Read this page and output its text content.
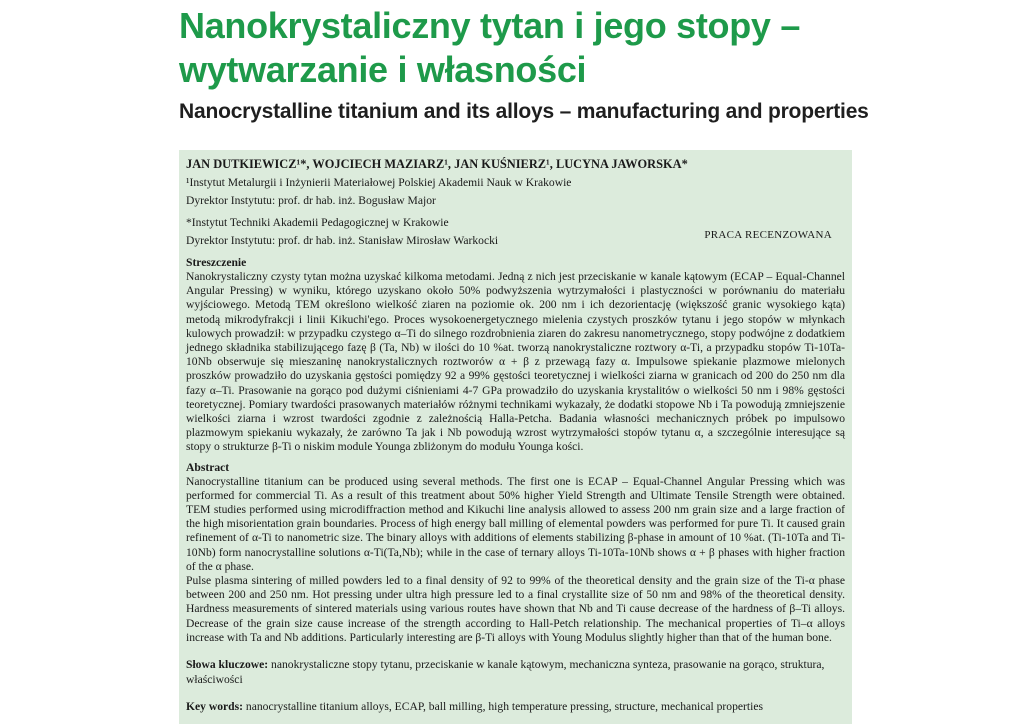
Nanokrystaliczny tytan i jego stopy – wytwarzanie i własności
Nanocrystalline titanium and its alloys – manufacturing and properties

JAN DUTKIEWICZ¹*, WOJCIECH MAZIARZ¹, JAN KUŚNIERZ¹, LUCYNA JAWORSKA*

¹Instytut Metalurgii i Inżynierii Materiałowej Polskiej Akademii Nauk w Krakowie

Dyrektor Instytutu: prof. dr hab. inż. Bogusław Major

*Instytut Techniki Akademii Pedagogicznej w Krakowie

Dyrektor Instytutu: prof. dr hab. inż. Stanisław Mirosław Warkocki	PRACA RECENZOWANA

Streszczenie

Nanokrystaliczny czysty tytan można uzyskać kilkoma metodami. Jedną z nich jest przeciskanie w kanale kątowym (ECAP – Equal-Channel Angular Pressing) w wyniku, którego uzyskano około 50% podwyższenia wytrzymałości i plastyczności w porównaniu do materiału wyjściowego. Metodą TEM określono wielkość ziaren na poziomie ok. 200 nm i ich dezorientację (większość granic wysokiego kąta) metodą mikrodyfrakcji i linii Kikuchi'ego. Proces wysokoenergetycznego mielenia czystych proszków tytanu i jego stopów w młynkach kulowych prowadził: w przypadku czystego α–Ti do silnego rozdrobnienia ziaren do zakresu nanometrycznego, stopy podwójne z dodatkiem jednego składnika stabilizującego fazę β (Ta, Nb) w ilości do 10 %at. tworzą nanokrystaliczne roztwory α-Ti, a przypadku stopów Ti-10Ta-10Nb obserwuje się mieszaninę nanokrystalicznych roztworów α + β z przewagą fazy α. Impulsowe spiekanie plazmowe mielonych proszków prowadziło do uzyskania gęstości pomiędzy 92 a 99% gęstości teoretycznej i wielkości ziarna w granicach od 200 do 250 nm dla fazy α–Ti. Prasowanie na gorąco pod dużymi ciśnieniami 4-7 GPa prowadziło do uzyskania krystalitów o wielkości 50 nm i 98% gęstości teoretycznej. Pomiary twardości prasowanych materiałów różnymi technikami wykazały, że dodatki stopowe Nb i Ta powodują zmniejszenie wielkości ziarna i wzrost twardości zgodnie z zależnością Halla-Petcha. Badania własności mechanicznych próbek po impulsowo plazmowym spiekaniu wykazały, że zarówno Ta jak i Nb powodują wzrost wytrzymałości stopów tytanu α, a szczególnie interesujące są stopy o strukturze β-Ti o niskim module Younga zbliżonym do modułu Younga kości.

Abstract

Nanocrystalline titanium can be produced using several methods. The first one is ECAP – Equal-Channel Angular Pressing which was performed for commercial Ti. As a result of this treatment about 50% higher Yield Strength and Ultimate Tensile Strength were obtained. TEM studies performed using microdiffraction method and Kikuchi line analysis allowed to assess 200 nm grain size and a large fraction of the high misorientation grain boundaries. Process of high energy ball milling of elemental powders was performed for pure Ti. It caused grain refinement of α-Ti to nanometric size. The binary alloys with additions of elements stabilizing β-phase in amount of 10 %at. (Ti-10Ta and Ti-10Nb) form nanocrystalline solutions α-Ti(Ta,Nb); while in the case of ternary alloys Ti-10Ta-10Nb shows α + β phases with higher fraction of the α phase.

Pulse plasma sintering of milled powders led to a final density of 92 to 99% of the theoretical density and the grain size of the Ti-α phase between 200 and 250 nm. Hot pressing under ultra high pressure led to a final crystallite size of 50 nm and 98% of the theoretical density. Hardness measurements of sintered materials using various routes have shown that Nb and Ti cause decrease of the hardness of β–Ti alloys. Decrease of the grain size cause increase of the strength according to Hall-Petch relationship. The mechanical properties of Ti–α alloys increase with Ta and Nb additions. Particularly interesting are β-Ti alloys with Young Modulus slightly higher than that of the human bone.

Słowa kluczowe: nanokrystaliczne stopy tytanu, przeciskanie w kanale kątowym, mechaniczna synteza, prasowanie na gorąco, struktura, właściwości

Key words: nanocrystalline titanium alloys, ECAP, ball milling, high temperature pressing, structure, mechanical properties
